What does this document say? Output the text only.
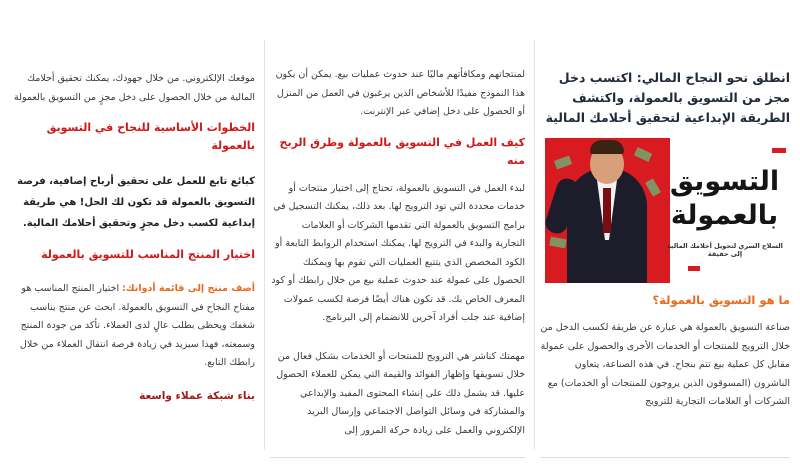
انطلق نحو النجاح المالي: اكتسب دخل مجز من التسويق بالعمولة، واكتشف الطريقة الإبداعية لتحقيق أحلامك المالية
التسويق
بالعمولة
السلاح السري لتحويل أحلامك المالية إلى حقيقة
ما هو التسويق بالعمولة؟

صناعة التسويق بالعمولة هي عبارة عن طريقة لكسب الدخل من خلال الترويج للمنتجات أو الخدمات الأخرى والحصول على عمولة مقابل كل عملية بيع تتم بنجاح. في هذه الصناعة، يتعاون الناشرون (المسوقون الذين يروجون للمنتجات أو الخدمات) مع الشركات أو العلامات التجارية للترويج

لمنتجاتهم ومكافأتهم ماليًا عند حدوث عمليات بيع. يمكن أن يكون هذا النموذج مفيدًا للأشخاص الذين يرغبون في العمل من المنزل أو الحصول على دخل إضافي عبر الإنترنت.

كيف العمل في التسويق بالعمولة وطرق الربح منه

لبدء العمل في التسويق بالعمولة، تحتاج إلى اختيار منتجات أو خدمات محددة التي تود الترويج لها. بعد ذلك، يمكنك التسجيل في برامج التسويق بالعمولة التي تقدمها الشركات أو العلامات التجارية والبدء في الترويج لها. يمكنك استخدام الروابط التابعة أو الكود المخصص الذي يتتبع العمليات التي تقوم بها ويمكنك الحصول على عمولة عند حدوث عملية بيع من خلال رابطك أو كود المعرف الخاص بك. قد تكون هناك أيضًا فرصة لكسب عمولات إضافية عند جلب أفراد آخرين للانضمام إلى البرنامج.

مهمتك كناشر هي الترويج للمنتجات أو الخدمات بشكل فعال من خلال تسويقها وإظهار الفوائد والقيمة التي يمكن للعملاء الحصول عليها. قد يشمل ذلك على إنشاء المحتوى المفيد والإبداعي والمشاركة في وسائل التواصل الاجتماعي وإرسال البريد الإلكتروني والعمل على زيادة حركة المرور إلى

موقعك الإلكتروني. من خلال جهودك، يمكنك تحقيق أحلامك المالية من خلال الحصول على دخل مجزٍ من التسويق بالعمولة

الخطوات الأساسية للنجاح في التسويق بالعمولة

كبائع تابع للعمل على تحقيق أرباح إضافية، فرصة التسويق بالعمولة قد تكون لك الحل! هي طريقة إبداعية لكسب دخل مجزٍ وتحقيق أحلامك المالية.

اختيار المنتج المناسب للتسويق بالعمولة

أضف منتج إلى قائمة أدواتك: اختيار المنتج المناسب هو مفتاح النجاح في التسويق بالعمولة. ابحث عن منتج يناسب شغفك ويحظى بطلب عالٍ لدى العملاء. تأكد من جودة المنتج وسمعته، فهذا سيزيد في زيادة فرصة انتقال العملاء من خلال رابطك التابع.

بناء شبكة عملاء واسعة
